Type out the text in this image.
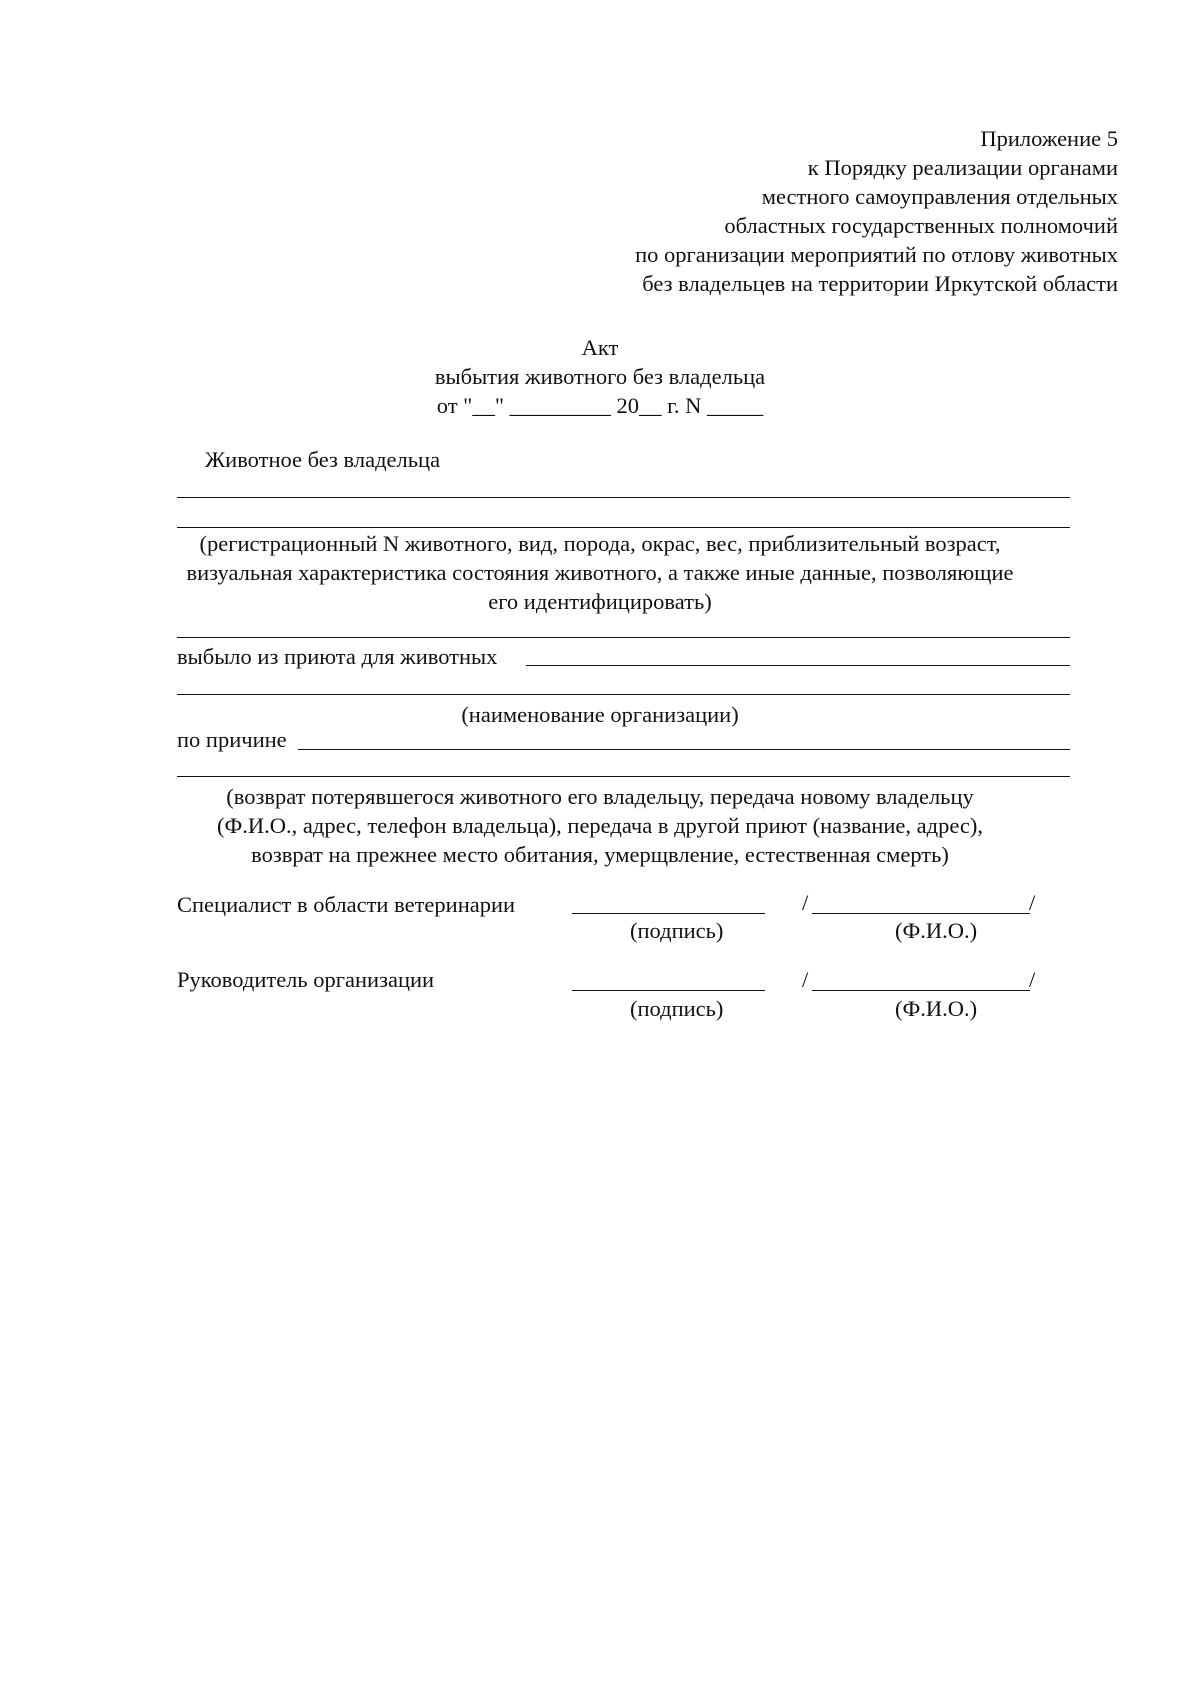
Приложение 5
к Порядку реализации органами
местного самоуправления отдельных
областных государственных полномочий
по организации мероприятий по отлову животных
без владельцев на территории Иркутской области
Акт
выбытия животного без владельца
от "__" _________ 20__ г. N _____
Животное без владельца
(регистрационный N животного, вид, порода, окрас, вес, приблизительный возраст,
визуальная характеристика состояния животного, а также иные данные, позволяющие
его идентифицировать)
выбыло из приюта для животных
(наименование организации)
по причине
(возврат потерявшегося животного его владельцу, передача новому владельцу
(Ф.И.О., адрес, телефон владельца), передача в другой приют (название, адрес),
возврат на прежнее место обитания, умерщвление, естественная смерть)
Специалист в области ветеринарии	/	/
(подпись)	(Ф.И.О.)
Руководитель организации	/	/
(подпись)	(Ф.И.О.)
